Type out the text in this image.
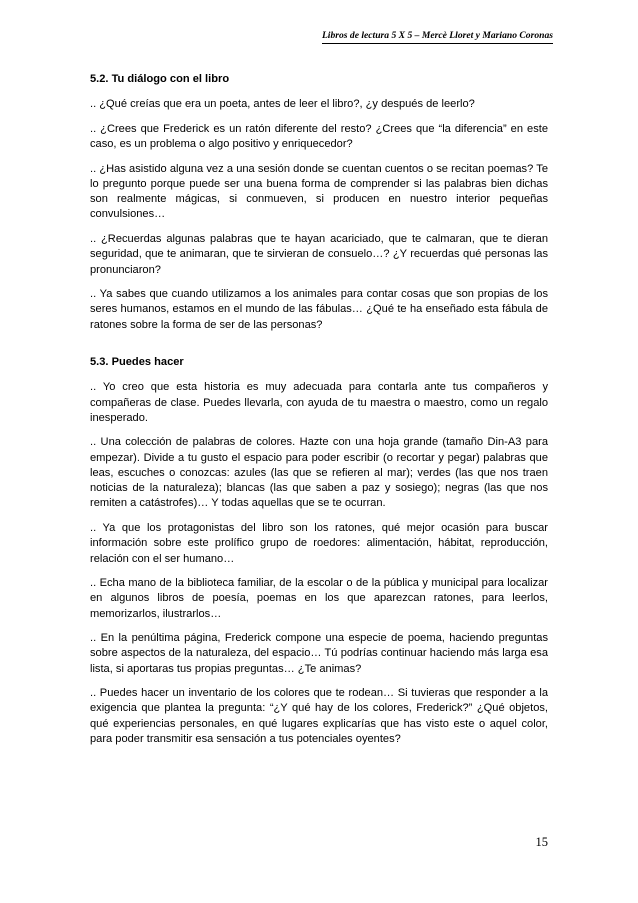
Libros de lectura 5 X 5 – Mercè Lloret y Mariano Coronas
5.2. Tu diálogo con el libro

.. ¿Qué creías que era un poeta, antes de leer el libro?, ¿y después de leerlo?

.. ¿Crees que Frederick es un ratón diferente del resto? ¿Crees que “la diferencia” en este caso, es un problema o algo positivo y enriquecedor?

.. ¿Has asistido alguna vez a una sesión donde se cuentan cuentos o se recitan poemas? Te lo pregunto porque puede ser una buena forma de comprender si las palabras bien dichas son realmente mágicas, si conmueven, si producen en nuestro interior pequeñas convulsiones…

.. ¿Recuerdas algunas palabras que te hayan acariciado, que te calmaran, que te dieran seguridad, que te animaran, que te sirvieran de consuelo…? ¿Y recuerdas qué personas las pronunciaron?

.. Ya sabes que cuando utilizamos a los animales para contar cosas que son propias de los seres humanos, estamos en el mundo de las fábulas… ¿Qué te ha enseñado esta fábula de ratones sobre la forma de ser de las personas?

5.3. Puedes hacer

.. Yo creo que esta historia es muy adecuada para contarla ante tus compañeros y compañeras de clase. Puedes llevarla, con ayuda de tu maestra o maestro, como un regalo inesperado.

.. Una colección de palabras de colores. Hazte con una hoja grande (tamaño Din-A3 para empezar). Divide a tu gusto el espacio para poder escribir (o recortar y pegar) palabras que leas, escuches o conozcas: azules (las que se refieren al mar); verdes (las que nos traen noticias de la naturaleza); blancas (las que saben a paz y sosiego); negras (las que nos remiten a catástrofes)… Y todas aquellas que se te ocurran.

.. Ya que los protagonistas del libro son los ratones, qué mejor ocasión para buscar información sobre este prolífico grupo de roedores: alimentación, hábitat, reproducción, relación con el ser humano…

.. Echa mano de la biblioteca familiar, de la escolar o de la pública y municipal para localizar en algunos libros de poesía, poemas en los que aparezcan ratones, para leerlos, memorizarlos, ilustrarlos…

.. En la penúltima página, Frederick compone una especie de poema, haciendo preguntas sobre aspectos de la naturaleza, del espacio… Tú podrías continuar haciendo más larga esa lista, si aportaras tus propias preguntas… ¿Te animas?

.. Puedes hacer un inventario de los colores que te rodean… Si tuvieras que responder a la exigencia que plantea la pregunta: “¿Y qué hay de los colores, Frederick?” ¿Qué objetos, qué experiencias personales, en qué lugares explicarías que has visto este o aquel color, para poder transmitir esa sensación a tus potenciales oyentes?

15
